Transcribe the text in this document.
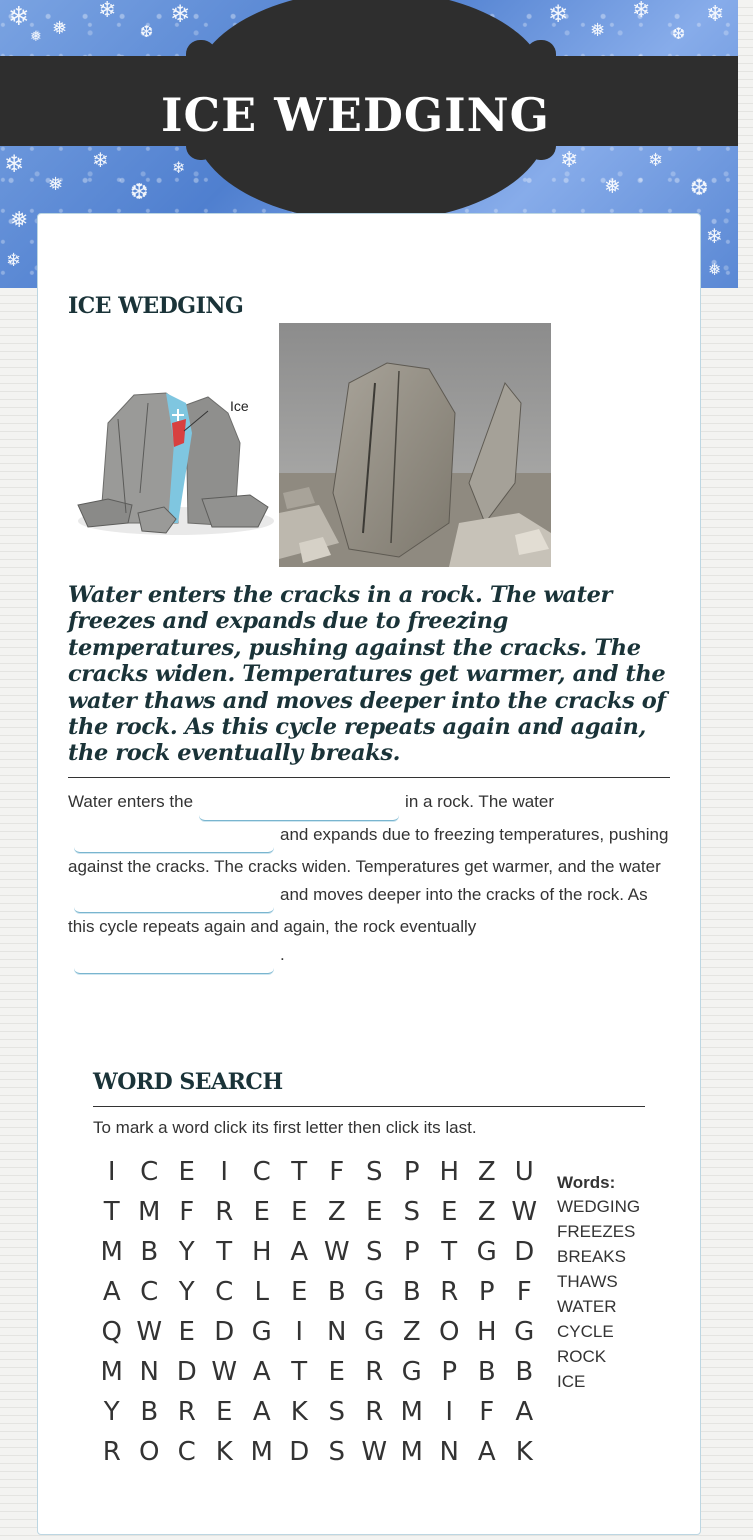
❄ ❅
❄
❆
❄
❅
❄
❅
❄
❆
❄
❄
❅
❄
❆
❄
❅
❄
❄
❅
❄
❆
❄
❅
ICE WEDGING
ICE WEDGING
Ice

Water enters the cracks in a rock. The water freezes and expands due to freezing temperatures, pushing against the cracks. The cracks widen. Temperatures get warmer, and the water thaws and moves deeper into the cracks of the rock. As this cycle repeats again and again, the rock eventually breaks.

Water enters the	in a rock. The water and expands due to freezing temperatures, pushing against the cracks. The cracks widen. Temperatures get warmer, and the waterand moves deeper into the cracks of the rock. As this cycle repeats again and again, the rock eventually.

WORD SEARCH

To mark a word click its first letter then click its last.

I C E I C T F S P H Z U
T M F R E E Z E S E Z W
M B Y T H A W S P T G D
A C Y C L E B G B R P F
Q W E D G I N G Z O H G
M N D W A T E R G P B B
Y B R E A K S R M I	F A
R O C K M D S W M N A K
Words:
WEDGING
FREEZES
BREAKS
THAWS
WATER
CYCLE
ROCK
ICE
